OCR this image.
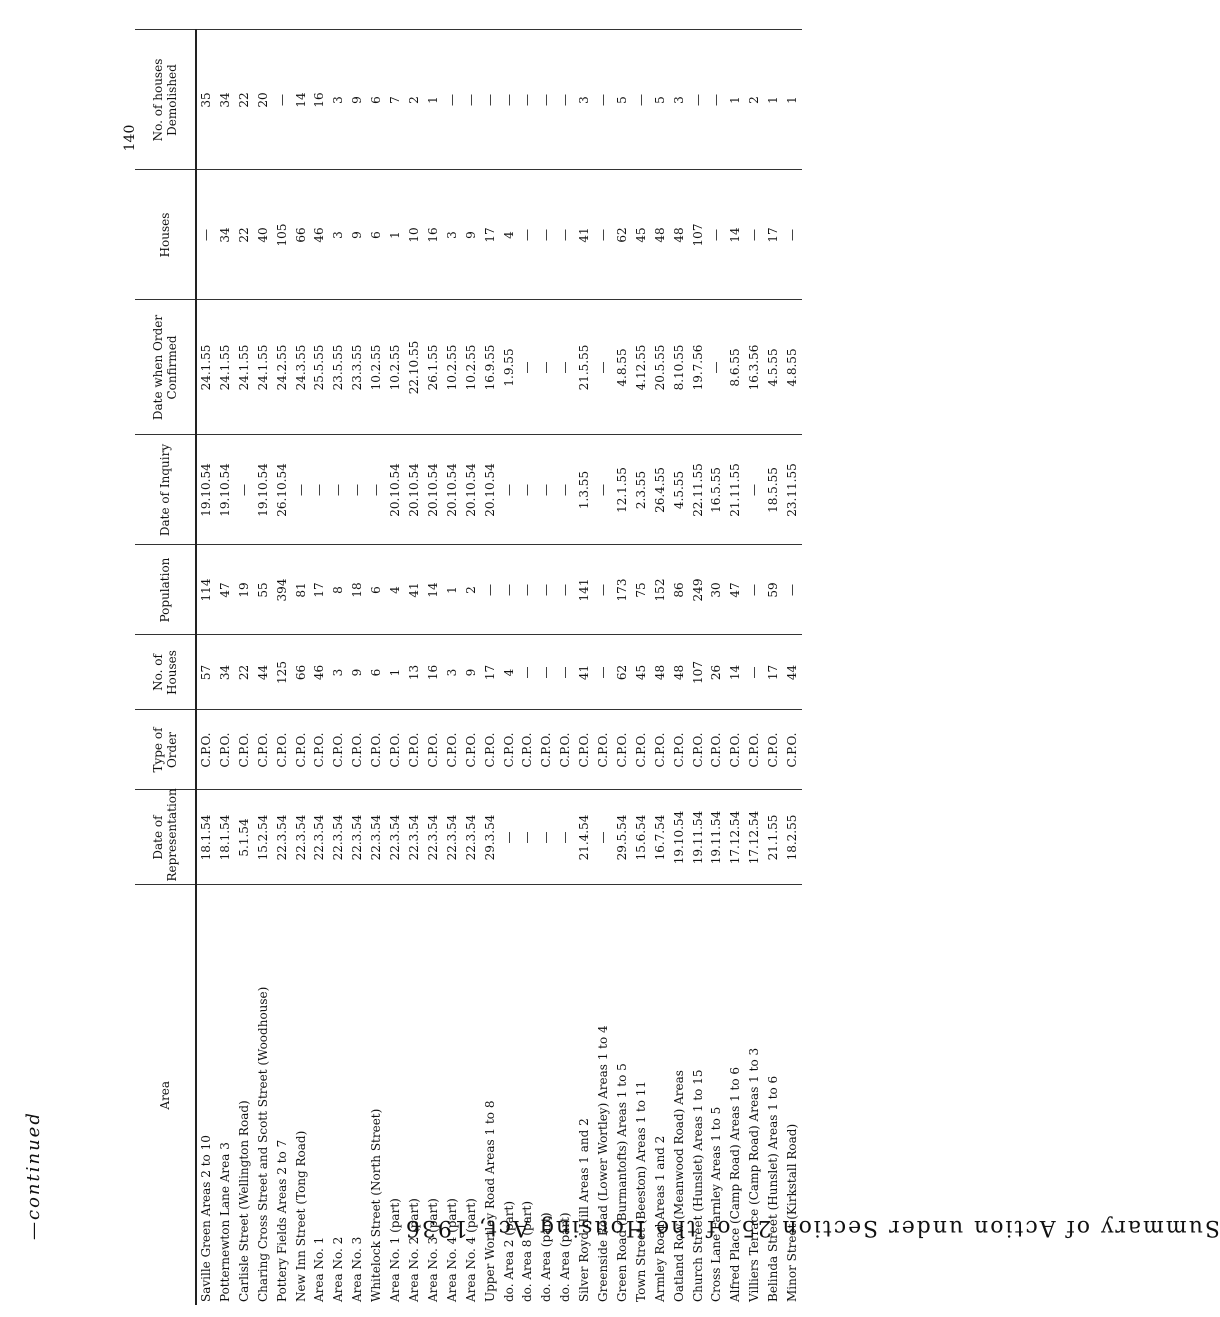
140
Summary of Action under Section 25 of the Housing Act, 1936
—continued
Area	Date of Representation	Type of Order	No. of Houses	Population	Date of Inquiry	Date when Order Confirmed	Houses	No. of houses Demolished
Saville Green Areas 2 to 10	18.1.54	C.P.O.	57	114	19.10.54	24.1.55	—	35
Potternewton Lane Area 3	18.1.54	C.P.O.	34	47	19.10.54	24.1.55	34	34
Carlisle Street (Wellington Road)	5.1.54	C.P.O.	22	19	—	24.1.55	22	22
Charing Cross Street and Scott Street (Woodhouse)	15.2.54	C.P.O.	44	55	19.10.54	24.1.55	40	20
Pottery Fields Areas 2 to 7	22.3.54	C.P.O.	125	394	26.10.54	24.2.55	105	—
New Inn Street (Tong Road)	22.3.54	C.P.O.	66	81	—	24.3.55	66	14
Area No. 1	22.3.54	C.P.O.	46	17	—	25.5.55	46	16
Area No. 2	22.3.54	C.P.O.	3	8	—	23.5.55	3	3
Area No. 3	22.3.54	C.P.O.	9	18	—	23.3.55	9	9
Whitelock Street (North Street)	22.3.54	C.P.O.	6	6	—	10.2.55	6	6
Area No. 1 (part)	22.3.54	C.P.O.	1	4	20.10.54	10.2.55	1	7
Area No. 2 (part)	22.3.54	C.P.O.	13	41	20.10.54	22.10.55	10	2
Area No. 3 (part)	22.3.54	C.P.O.	16	14	20.10.54	26.1.55	16	1
Area No. 4 (part)	22.3.54	C.P.O.	3	1	20.10.54	10.2.55	3	—
Area No. 4 (part)	22.3.54	C.P.O.	9	2	20.10.54	10.2.55	9	—
Upper Wortley Road Areas 1 to 8	29.3.54	C.P.O.	17	—	20.10.54	16.9.55	17	—
do. Area 2 (part)	—	C.P.O.	4	—	—	1.9.55	4	—
do. Area 8 (part)	—	C.P.O.	—	—	—	—	—	—
do. Area (part)	—	C.P.O.	—	—	—	—	—	—
do. Area (part)	—	C.P.O.	—	—	—	—	—	—
Silver Royd Hill Areas 1 and 2	21.4.54	C.P.O.	41	141	1.3.55	21.5.55	41	3
Greenside Road (Lower Wortley) Areas 1 to 4	—	C.P.O.	—	—	—	—	—	—
Green Road (Burmantofts) Areas 1 to 5	29.5.54	C.P.O.	62	173	12.1.55	4.8.55	62	5
Town Street (Beeston) Areas 1 to 11	15.6.54	C.P.O.	45	75	2.3.55	4.12.55	45	—
Armley Road Areas 1 and 2	16.7.54	C.P.O.	48	152	26.4.55	20.5.55	48	5
Oatland Row (Meanwood Road) Areas	19.10.54	C.P.O.	48	86	4.5.55	8.10.55	48	3
Church Street (Hunslet) Areas 1 to 15	19.11.54	C.P.O.	107	249	22.11.55	19.7.56	107	—
Cross Lane Farnley Areas 1 to 5	19.11.54	C.P.O.	26	30	16.5.55	—	—	—
Alfred Place (Camp Road) Areas 1 to 6	17.12.54	C.P.O.	14	47	21.11.55	8.6.55	14	1
Villiers Terrace (Camp Road) Areas 1 to 3	17.12.54	C.P.O.	—	—	—	16.3.56	—	2
Belinda Street (Hunslet) Areas 1 to 6	21.1.55	C.P.O.	17	59	18.5.55	4.5.55	17	1
Minor Street (Kirkstall Road)	18.2.55	C.P.O.	44	—	23.11.55	4.8.55	—	1
